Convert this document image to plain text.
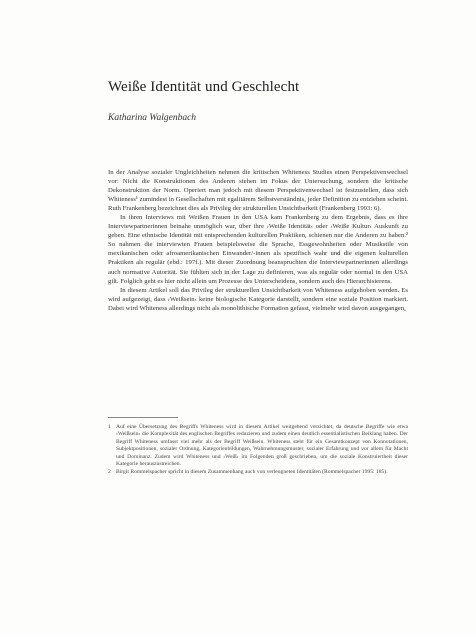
Weiße Identität und Geschlecht
Katharina Walgenbach

In der Analyse sozialer Ungleichheiten nehmen die kritischen Whiteness Studies einen Perspektivenwechsel vor: Nicht die Konstruktionen des Anderen stehen im Fokus der Untersuchung, sondern die kritische Dekonstruktion der Norm. Operiert man jedoch mit diesem Perspektivenwechsel ist festzustellen, dass sich Whiteness¹ zumindest in Gesellschaften mit egalitärem Selbstverständnis, jeder Definition zu entziehen scheint. Ruth Frankenberg bezeichnet dies als Privileg der strukturellen Unsichtbarkeit (Frankenberg 1993: 6).

In ihren Interviews mit Weißen Frauen in den USA kam Frankenberg zu dem Ergebnis, dass es ihre Interviewpartnerinnen beinahe unmöglich war, über ihre ›Weiße Identität‹ oder ›Weiße Kultur‹ Auskunft zu geben. Eine ethnische Identität mit entsprechenden kulturellen Praktiken, schienen nur die Anderen zu haben.² So nahmen die interviewten Frauen beispielsweise die Sprache, Essgewohnheiten oder Musikstile von mexikanischen oder afroamerikanischen Einwander/-innen als spezifisch wahr und die eigenen kulturellen Praktiken als regulär (ebd.: 197f.). Mit dieser Zuordnung beanspruchten die Interviewpartnerinnen allerdings auch normative Autorität. Sie fühlten sich in der Lage zu definieren, was als regulär oder normal in den USA gilt. Folglich geht es hier nicht allein um Prozesse des Unterscheidens, sondern auch des Hierarchisierens.

In diesem Artikel soll das Privileg der strukturellen Unsichtbarkeit von Whiteness aufgehoben werden. Es wird aufgezeigt, dass ›Weißsein‹ keine biologische Kategorie darstellt, sondern eine soziale Position markiert. Dabei wird Whiteness allerdings nicht als monolithische Formation gefasst, vielmehr wird davon ausgegangen,

1 Auf eine Übersetzung des Begriffs Whiteness wird in diesem Artikel weitgehend verzichtet, da deutsche Begriffe wie etwa ›Weißsein‹ die Komplexität des englischen Begriffes reduzieren und zudem einen deutlich essentialistischen Beiklang haben. Der Begriff Whiteness umfasst viel mehr als der Begriff Weißsein. Whiteness steht für ein Gesamtkonzept von Konnotationen, Subjektpositionen, sozialer Ordnung, Kategorienbildungen, Wahrnehmungsmuster, sozialer Erfahrung und vor allem für Macht und Dominanz. Zudem wird Whiteness und ›Weiß‹ im Folgenden groß geschrieben, um die soziale Konstruiertheit dieser Kategorie herauszustreichen.
2 Birgit Rommelspacher spricht in diesem Zusammenhang auch von verleugneten Identitäten (Rommelspacher 1995: 185).
